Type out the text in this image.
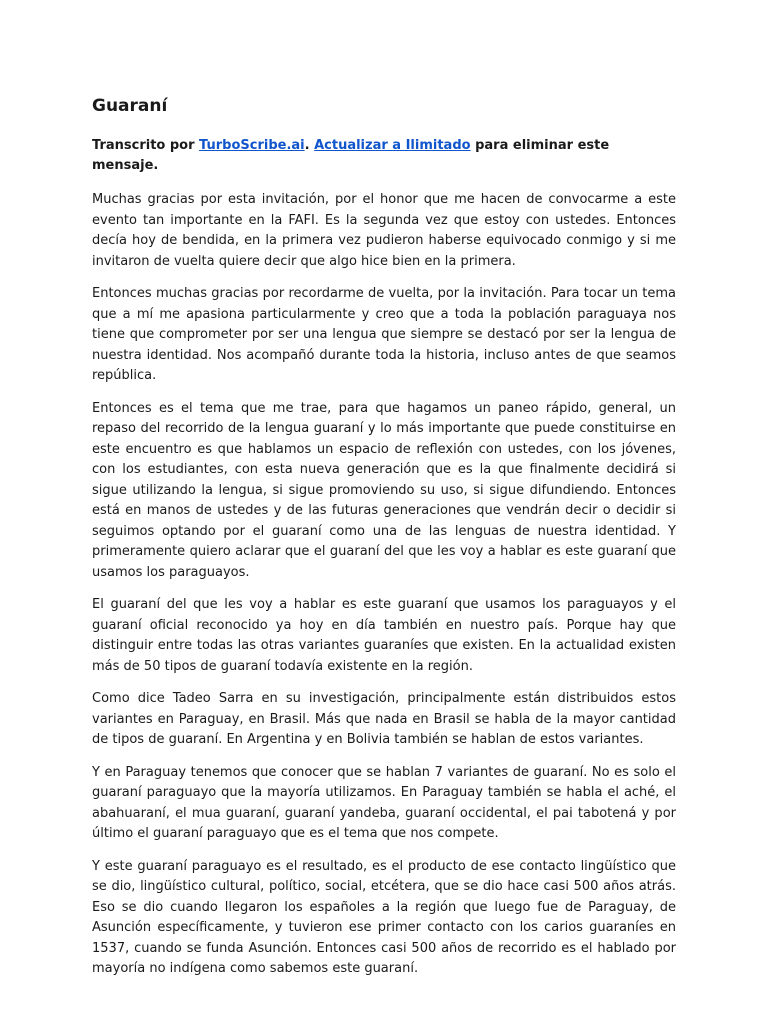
Guaraní

Transcrito por TurboScribe.ai. Actualizar a Ilimitado para eliminar este mensaje.

Muchas gracias por esta invitación, por el honor que me hacen de convocarme a este evento tan importante en la FAFI. Es la segunda vez que estoy con ustedes. Entonces decía hoy de bendida, en la primera vez pudieron haberse equivocado conmigo y si me invitaron de vuelta quiere decir que algo hice bien en la primera.

Entonces muchas gracias por recordarme de vuelta, por la invitación. Para tocar un tema que a mí me apasiona particularmente y creo que a toda la población paraguaya nos tiene que comprometer por ser una lengua que siempre se destacó por ser la lengua de nuestra identidad. Nos acompañó durante toda la historia, incluso antes de que seamos república.

Entonces es el tema que me trae, para que hagamos un paneo rápido, general, un repaso del recorrido de la lengua guaraní y lo más importante que puede constituirse en este encuentro es que hablamos un espacio de reflexión con ustedes, con los jóvenes, con los estudiantes, con esta nueva generación que es la que finalmente decidirá si sigue utilizando la lengua, si sigue promoviendo su uso, si sigue difundiendo. Entonces está en manos de ustedes y de las futuras generaciones que vendrán decir o decidir si seguimos optando por el guaraní como una de las lenguas de nuestra identidad. Y primeramente quiero aclarar que el guaraní del que les voy a hablar es este guaraní que usamos los paraguayos.

El guaraní del que les voy a hablar es este guaraní que usamos los paraguayos y el guaraní oficial reconocido ya hoy en día también en nuestro país. Porque hay que distinguir entre todas las otras variantes guaraníes que existen. En la actualidad existen más de 50 tipos de guaraní todavía existente en la región.

Como dice Tadeo Sarra en su investigación, principalmente están distribuidos estos variantes en Paraguay, en Brasil. Más que nada en Brasil se habla de la mayor cantidad de tipos de guaraní. En Argentina y en Bolivia también se hablan de estos variantes.

Y en Paraguay tenemos que conocer que se hablan 7 variantes de guaraní. No es solo el guaraní paraguayo que la mayoría utilizamos. En Paraguay también se habla el aché, el abahuaraní, el mua guaraní, guaraní yandeba, guaraní occidental, el pai tabotená y por último el guaraní paraguayo que es el tema que nos compete.

Y este guaraní paraguayo es el resultado, es el producto de ese contacto lingüístico que se dio, lingüístico cultural, político, social, etcétera, que se dio hace casi 500 años atrás. Eso se dio cuando llegaron los españoles a la región que luego fue de Paraguay, de Asunción específicamente, y tuvieron ese primer contacto con los carios guaraníes en 1537, cuando se funda Asunción. Entonces casi 500 años de recorrido es el hablado por mayoría no indígena como sabemos este guaraní.
